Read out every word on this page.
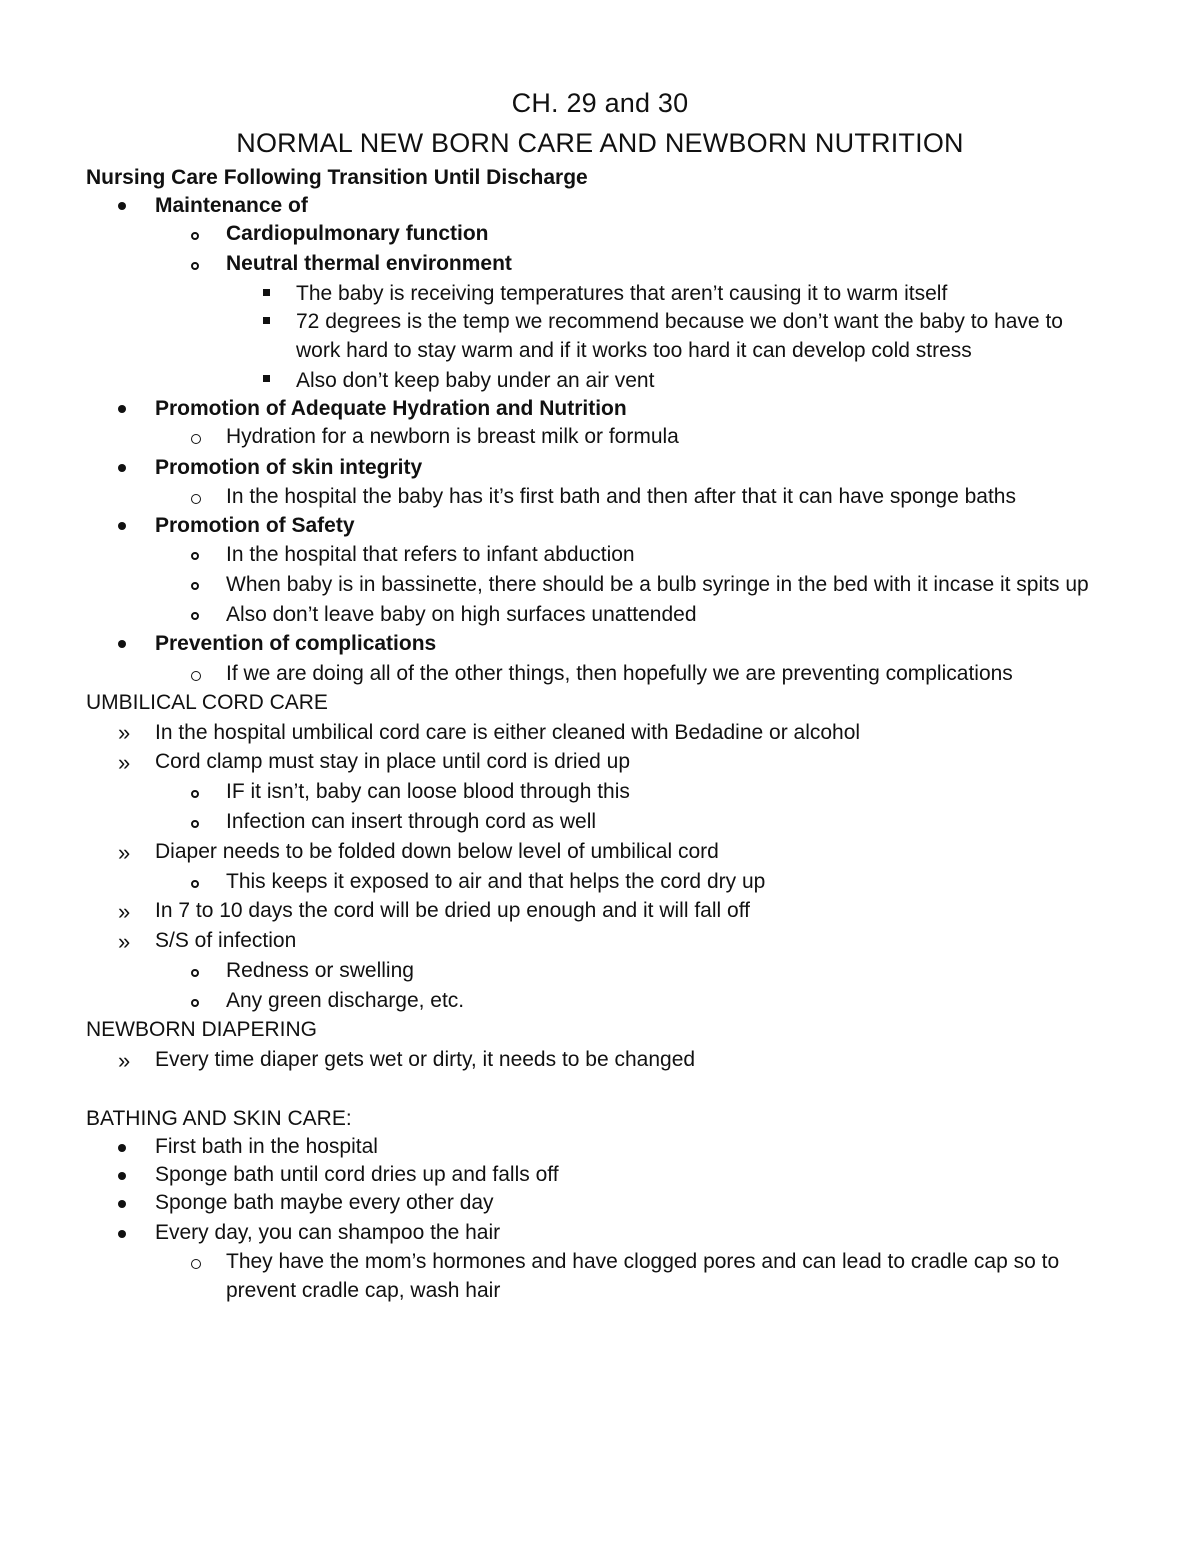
CH. 29 and 30
NORMAL NEW BORN CARE AND NEWBORN NUTRITION

Nursing Care Following Transition Until Discharge

Maintenance of

Cardiopulmonary function

Neutral thermal environment

The baby is receiving temperatures that aren’t causing it to warm itself

72 degrees is the temp we recommend because we don’t want the baby to have to

work hard to stay warm and if it works too hard it can develop cold stress

Also don’t keep baby under an air vent

Promotion of Adequate Hydration and Nutrition

Hydration for a newborn is breast milk or formula

Promotion of skin integrity

In the hospital the baby has it’s first bath and then after that it can have sponge baths

Promotion of Safety

In the hospital that refers to infant abduction

When baby is in bassinette, there should be a bulb syringe in the bed with it incase it spits up

Also don’t leave baby on high surfaces unattended

Prevention of complications

If we are doing all of the other things, then hopefully we are preventing complications

UMBILICAL CORD CARE

» In the hospital umbilical cord care is either cleaned with Bedadine or alcohol

» Cord clamp must stay in place until cord is dried up

IF it isn’t, baby can loose blood through this

Infection can insert through cord as well

» Diaper needs to be folded down below level of umbilical cord

This keeps it exposed to air and that helps the cord dry up

» In 7 to 10 days the cord will be dried up enough and it will fall off

» S/S of infection

Redness or swelling

Any green discharge, etc.

NEWBORN DIAPERING

» Every time diaper gets wet or dirty, it needs to be changed

BATHING AND SKIN CARE:

First bath in the hospital

Sponge bath until cord dries up and falls off

Sponge bath maybe every other day

Every day, you can shampoo the hair

They have the mom’s hormones and have clogged pores and can lead to cradle cap so to

prevent cradle cap, wash hair
